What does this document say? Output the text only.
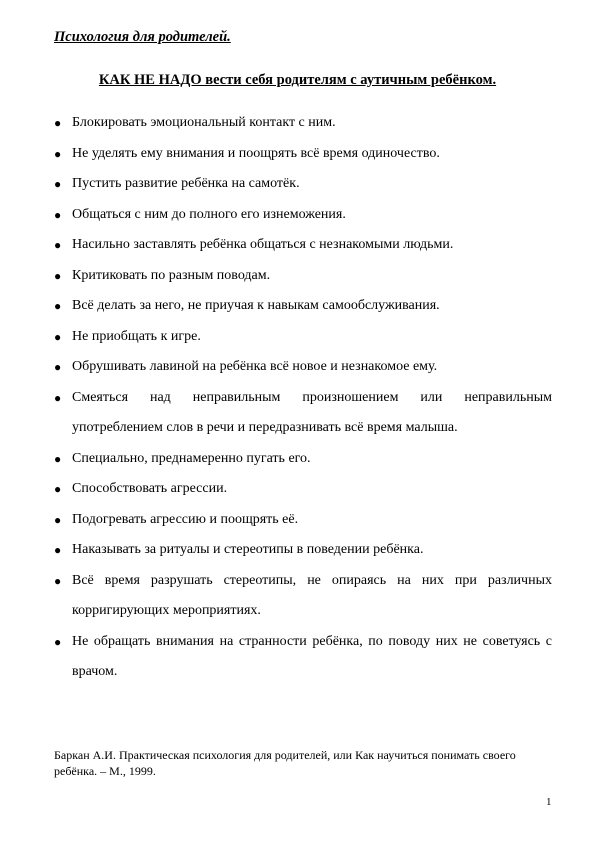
Психология для родителей.
КАК НЕ НАДО вести себя родителям с аутичным ребёнком.
● Блокировать эмоциональный контакт с ним.
● Не уделять ему внимания и поощрять всё время одиночество.
● Пустить развитие ребёнка на самотёк.
● Общаться с ним до полного его изнеможения.
● Насильно заставлять ребёнка общаться с незнакомыми людьми.
● Критиковать по разным поводам.
● Всё делать за него, не приучая к навыкам самообслуживания.
● Не приобщать к игре.
● Обрушивать лавиной на ребёнка всё новое и незнакомое ему.
● Смеяться над неправильным произношением или неправильным употреблением слов в речи и передразнивать всё время малыша.
● Специально, преднамеренно пугать его.
● Способствовать агрессии.
● Подогревать агрессию и поощрять её.
● Наказывать за ритуалы и стереотипы в поведении ребёнка.
● Всё время разрушать стереотипы, не опираясь на них при различных корригирующих мероприятиях.
● Не обращать внимания на странности ребёнка, по поводу них не советуясь с врачом.
Баркан А.И. Практическая психология для родителей, или Как научиться понимать своего ребёнка. – М., 1999.
1
